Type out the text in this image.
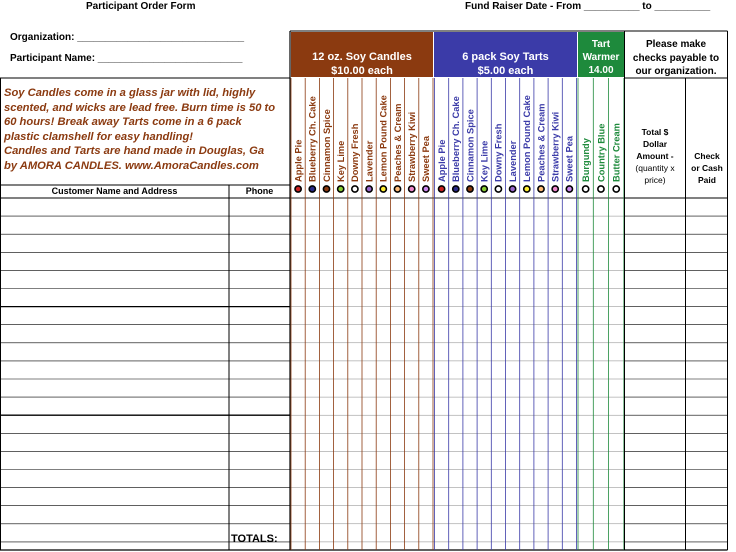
Apple Pie Blueberry Ch. Cake Cinnamon Spice Key Lime Downy Fresh Lavender Lemon Pound Cake Peaches & Cream Strawberry Kiwi Sweet Pea Apple Pie Blueberry Ch. Cake Cinnamon Spice Key Lime Downy Fresh Lavender Lemon Pound Cake Peaches & Cream Strawberry Kiwi Sweet Pea Burgundy Country Blue Butter Cream
Participant Order Form	Fund Raiser Date - From __________ to __________
Organization: ______________________________
Participant Name: __________________________
Soy Candles come in a glass jar with lid, highly
scented, and wicks are lead free. Burn time is 50 to
60 hours! Break away Tarts come in a 6 pack
plastic clamshell for easy handling!
Candles and Tarts are hand made in Douglas, Ga
by AMORA CANDLES. www.AmoraCandles.com
12 oz. Soy Candles
$10.00 each
6 pack Soy Tarts
$5.00 each
Tart
Warmer
14.00
Please make
checks payable to
our organization.
Customer Name and Address	Phone
Total $
Dollar
Amount -
(quantity x
price)
Check
or Cash
Paid
TOTALS:
